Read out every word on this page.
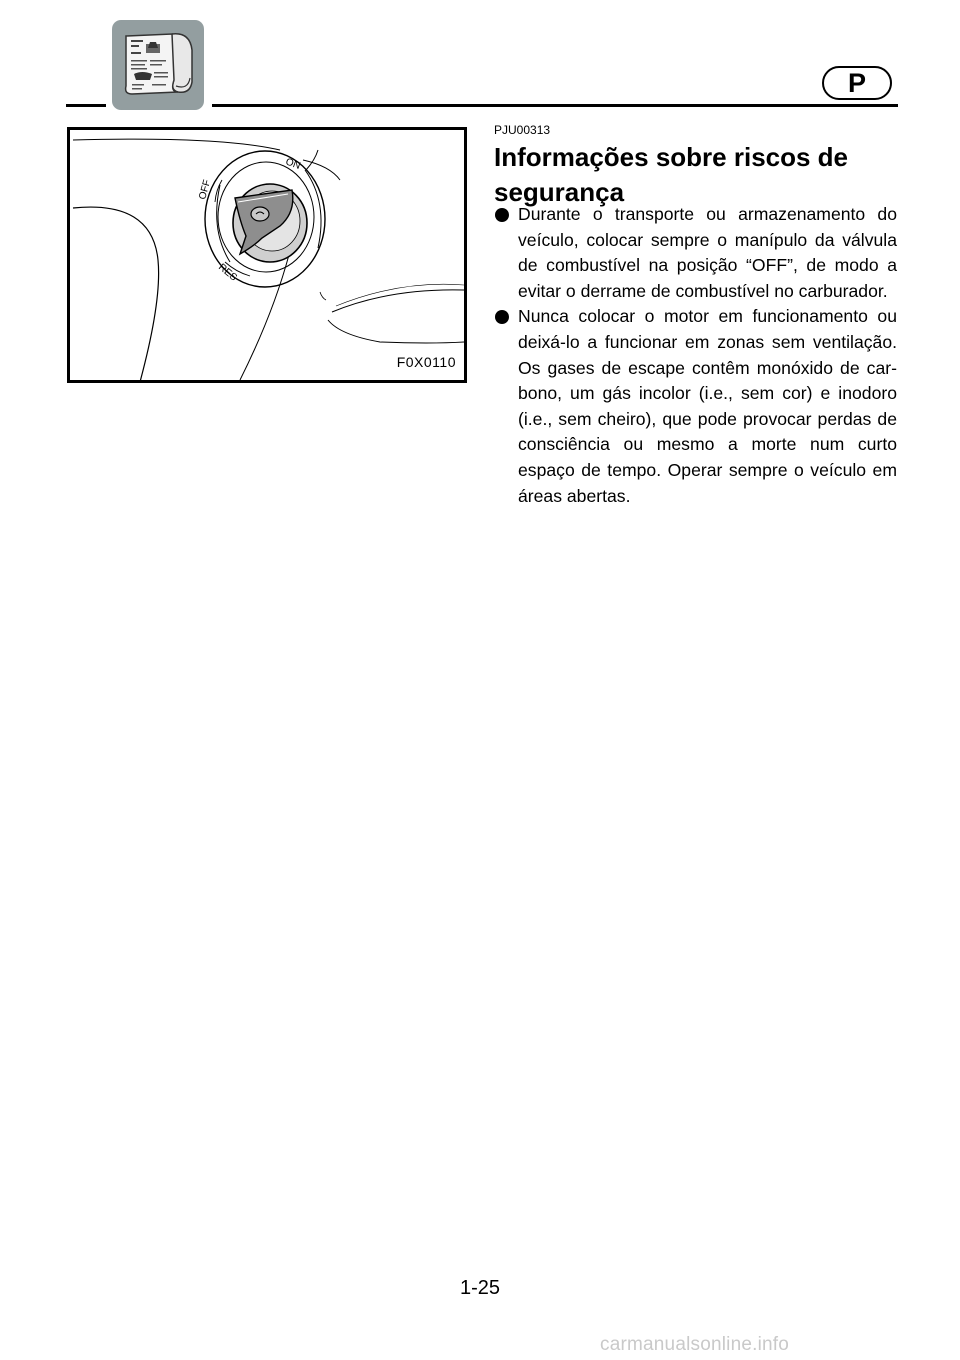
P
ON
OFF
RES
F0X0110
PJU00313
Informações sobre riscos de segurança
Durante o transporte ou armazenamento do veículo, colocar sempre o manípulo da válvula de combustível na posição “OFF”, de modo a evitar o derrame de combustível no carburador.
Nunca colocar o motor em funcionamento ou deixá-lo a funcionar em zonas sem ventilação. Os gases de escape contêm monóxido de car-bono, um gás incolor (i.e., sem cor) e inodoro (i.e., sem cheiro), que pode provocar perdas de consciência ou mesmo a morte num curto espaço de tempo. Operar sempre o veículo em áreas abertas.
1-25
carmanualsonline.info
